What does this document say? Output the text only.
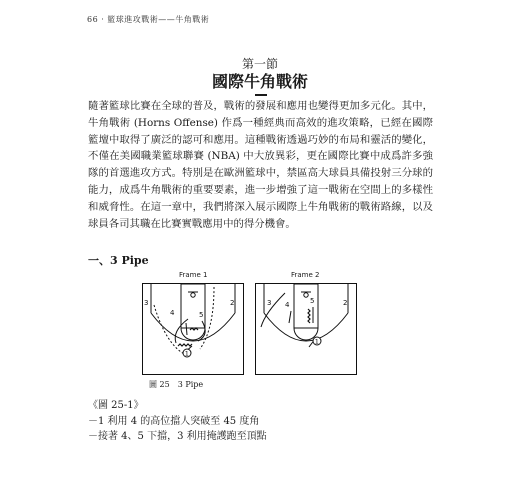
66 · 籃球進攻戰術——牛角戰術
第一節
國際牛角戰術

隨著籃球比賽在全球的普及，戰術的發展和應用也變得更加多元化。其中，牛角戰術 (Horns Offense) 作爲一種經典而高效的進攻策略，已經在國際籃壇中取得了廣泛的認可和應用。這種戰術透過巧妙的布局和靈活的變化，不僅在美國職業籃球聯賽 (NBA) 中大放異彩，更在國際比賽中成爲許多強隊的首選進攻方式。特別是在歐洲籃球中，禁區高大球員具備投射三分球的能力，成爲牛角戰術的重要要素，進一步增強了這一戰術在空間上的多樣性和威脅性。在這一章中，我們將深入展示國際上牛角戰術的戰術路線，以及球員各司其職在比賽實戰應用中的得分機會。

一、3 Pipe
Frame 1	Frame 2
3
4	5
2
1
3 4	5	2
1
圖 25　3 Pipe
《圖 25-1》
－1 利用 4 的高位擋人突破至 45 度角
－接著 4、5 下擋，3 利用掩護跑至頂點
